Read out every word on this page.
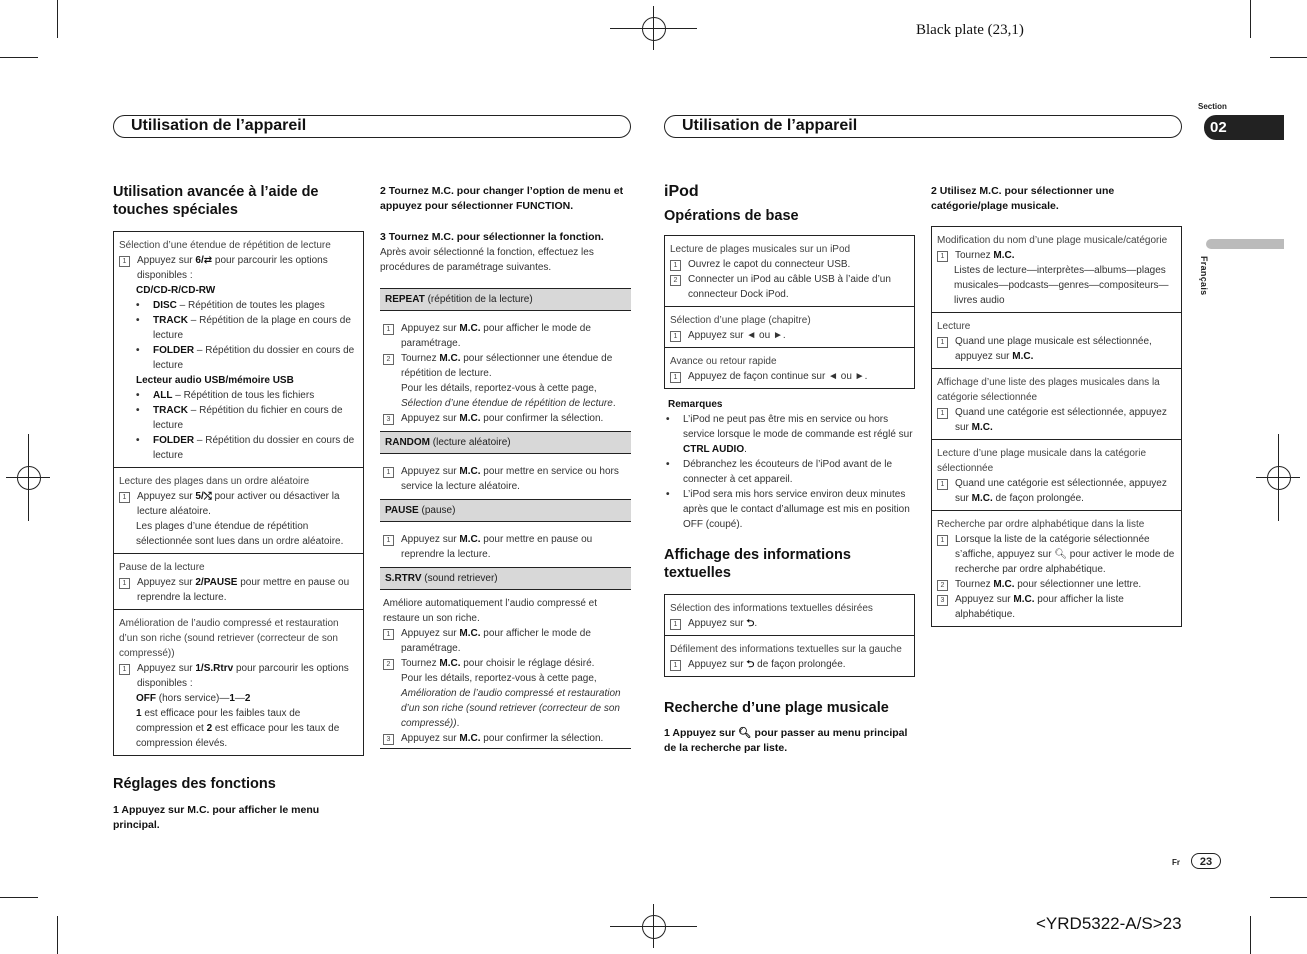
Black plate (23,1)
<YRD5322-A/S>23
Utilisation de l’appareil	Utilisation de l’appareil
Section
02
Français
Fr	23
Utilisation avancée à l’aide de touches spéciales
Sélection d’une étendue de répétition de lecture
1	Appuyez sur 6/⇄ pour parcourir les options disponibles :
CD/CD-R/CD-RW
•	DISC – Répétition de toutes les plages
•	TRACK – Répétition de la plage en cours de lecture
•	FOLDER – Répétition du dossier en cours de lecture
Lecteur audio USB/mémoire USB
•	ALL – Répétition de tous les fichiers
•	TRACK – Répétition du fichier en cours de lecture
•	FOLDER – Répétition du dossier en cours de lecture
Lecture des plages dans un ordre aléatoire
1	Appuyez sur 5/⤭ pour activer ou désactiver la lecture aléatoire.
Les plages d’une étendue de répétition sélectionnée sont lues dans un ordre aléatoire.
Pause de la lecture
1	Appuyez sur 2/PAUSE pour mettre en pause ou reprendre la lecture.
Amélioration de l’audio compressé et restauration d’un son riche (sound retriever (correcteur de son compressé))
1	Appuyez sur 1/S.Rtrv pour parcourir les options disponibles :
OFF (hors service)—1—2
1 est efficace pour les faibles taux de compression et 2 est efficace pour les taux de compression élevés.
Réglages des fonctions
1 Appuyez sur M.C. pour afficher le menu principal.
2 Tournez M.C. pour changer l’option de menu et appuyez pour sélectionner FUNCTION.
3 Tournez M.C. pour sélectionner la fonction.
Après avoir sélectionné la fonction, effectuez les procédures de paramétrage suivantes.
REPEAT (répétition de la lecture)
1	Appuyez sur M.C. pour afficher le mode de paramétrage.
2	Tournez M.C. pour sélectionner une étendue de répétition de lecture.
Pour les détails, reportez-vous à cette page, Sélection d’une étendue de répétition de lecture.
3	Appuyez sur M.C. pour confirmer la sélection.
RANDOM (lecture aléatoire)
1	Appuyez sur M.C. pour mettre en service ou hors service la lecture aléatoire.
PAUSE (pause)
1	Appuyez sur M.C. pour mettre en pause ou reprendre la lecture.
S.RTRV (sound retriever)
Améliore automatiquement l’audio compressé et restaure un son riche.
1	Appuyez sur M.C. pour afficher le mode de paramétrage.
2	Tournez M.C. pour choisir le réglage désiré.
Pour les détails, reportez-vous à cette page, Amélioration de l’audio compressé et restauration d’un son riche (sound retriever (correcteur de son compressé)).
3	Appuyez sur M.C. pour confirmer la sélection.
iPod
Opérations de base
Lecture de plages musicales sur un iPod
1	Ouvrez le capot du connecteur USB.
2	Connecter un iPod au câble USB à l’aide d’un connecteur Dock iPod.
Sélection d’une plage (chapitre)
1	Appuyez sur ◄ ou ►.
Avance ou retour rapide
1	Appuyez de façon continue sur ◄ ou ►.
Remarques
•	L’iPod ne peut pas être mis en service ou hors service lorsque le mode de commande est réglé sur CTRL AUDIO.
•	Débranchez les écouteurs de l’iPod avant de le connecter à cet appareil.
•	L’iPod sera mis hors service environ deux minutes après que le contact d’allumage est mis en position OFF (coupé).
Affichage des informations textuelles
Sélection des informations textuelles désirées
1	Appuyez sur ⮌.
Défilement des informations textuelles sur la gauche
1	Appuyez sur ⮌ de façon prolongée.
Recherche d’une plage musicale
1 Appuyez sur 🔍︎ pour passer au menu principal de la recherche par liste.
2 Utilisez M.C. pour sélectionner une catégorie/plage musicale.
Modification du nom d’une plage musicale/catégorie
1	Tournez M.C.
Listes de lecture—interprètes—albums—plages musicales—podcasts—genres—compositeurs—livres audio
Lecture
1	Quand une plage musicale est sélectionnée, appuyez sur M.C.
Affichage d’une liste des plages musicales dans la catégorie sélectionnée
1	Quand une catégorie est sélectionnée, appuyez sur M.C.
Lecture d’une plage musicale dans la catégorie sélectionnée
1	Quand une catégorie est sélectionnée, appuyez sur M.C. de façon prolongée.
Recherche par ordre alphabétique dans la liste
1	Lorsque la liste de la catégorie sélectionnée s’affiche, appuyez sur 🔍︎ pour activer le mode de recherche par ordre alphabétique.
2	Tournez M.C. pour sélectionner une lettre.
3	Appuyez sur M.C. pour afficher la liste alphabétique.
